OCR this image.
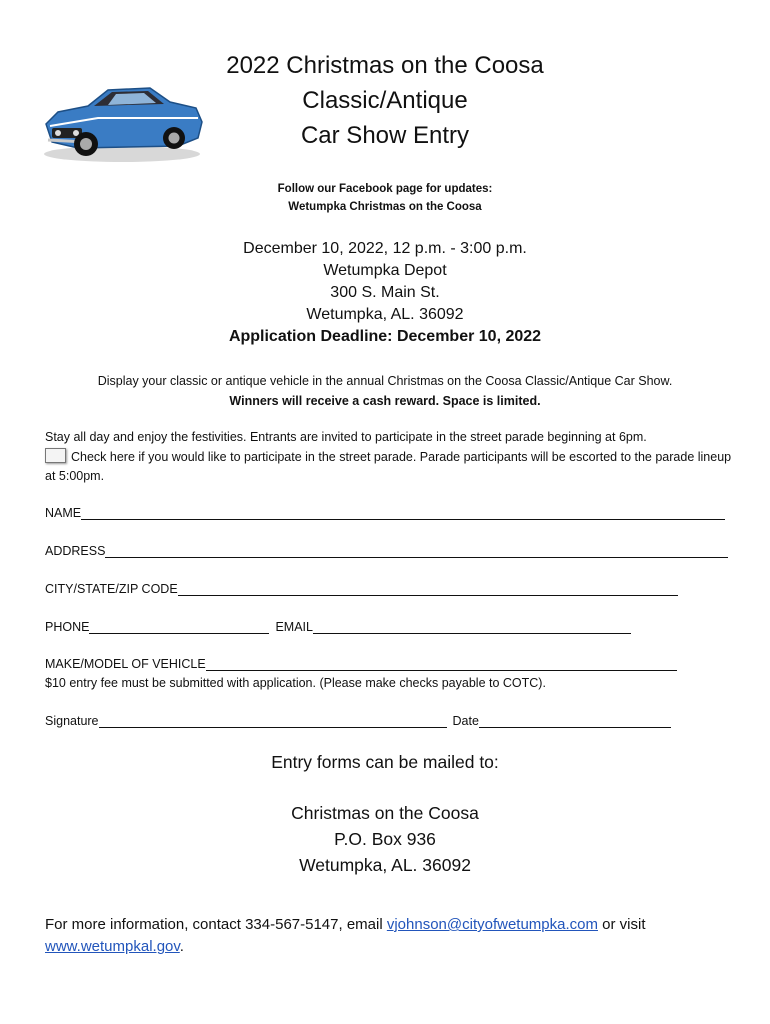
2022 Christmas on the Coosa
Classic/Antique
Car Show Entry
Follow our Facebook page for updates:
Wetumpka Christmas on the Coosa
December 10, 2022, 12 p.m. - 3:00 p.m.
Wetumpka Depot
300 S. Main St.
Wetumpka, AL. 36092
Application Deadline: December 10, 2022
Display your classic or antique vehicle in the annual Christmas on the Coosa Classic/Antique Car Show.
Winners will receive a cash reward. Space is limited.
Stay all day and enjoy the festivities. Entrants are invited to participate in the street parade beginning at 6pm.
Check here if you would like to participate in the street parade. Parade participants will be escorted to the parade lineup at 5:00pm.
NAME
ADDRESS
CITY/STATE/ZIP CODE
PHONE	EMAIL
MAKE/MODEL OF VEHICLE
$10 entry fee must be submitted with application. (Please make checks payable to COTC).
Signature	Date
Entry forms can be mailed to:
Christmas on the Coosa
P.O. Box 936
Wetumpka, AL. 36092
For more information, contact 334-567-5147, email vjohnson@cityofwetumpka.com or visit
www.wetumpkal.gov.
